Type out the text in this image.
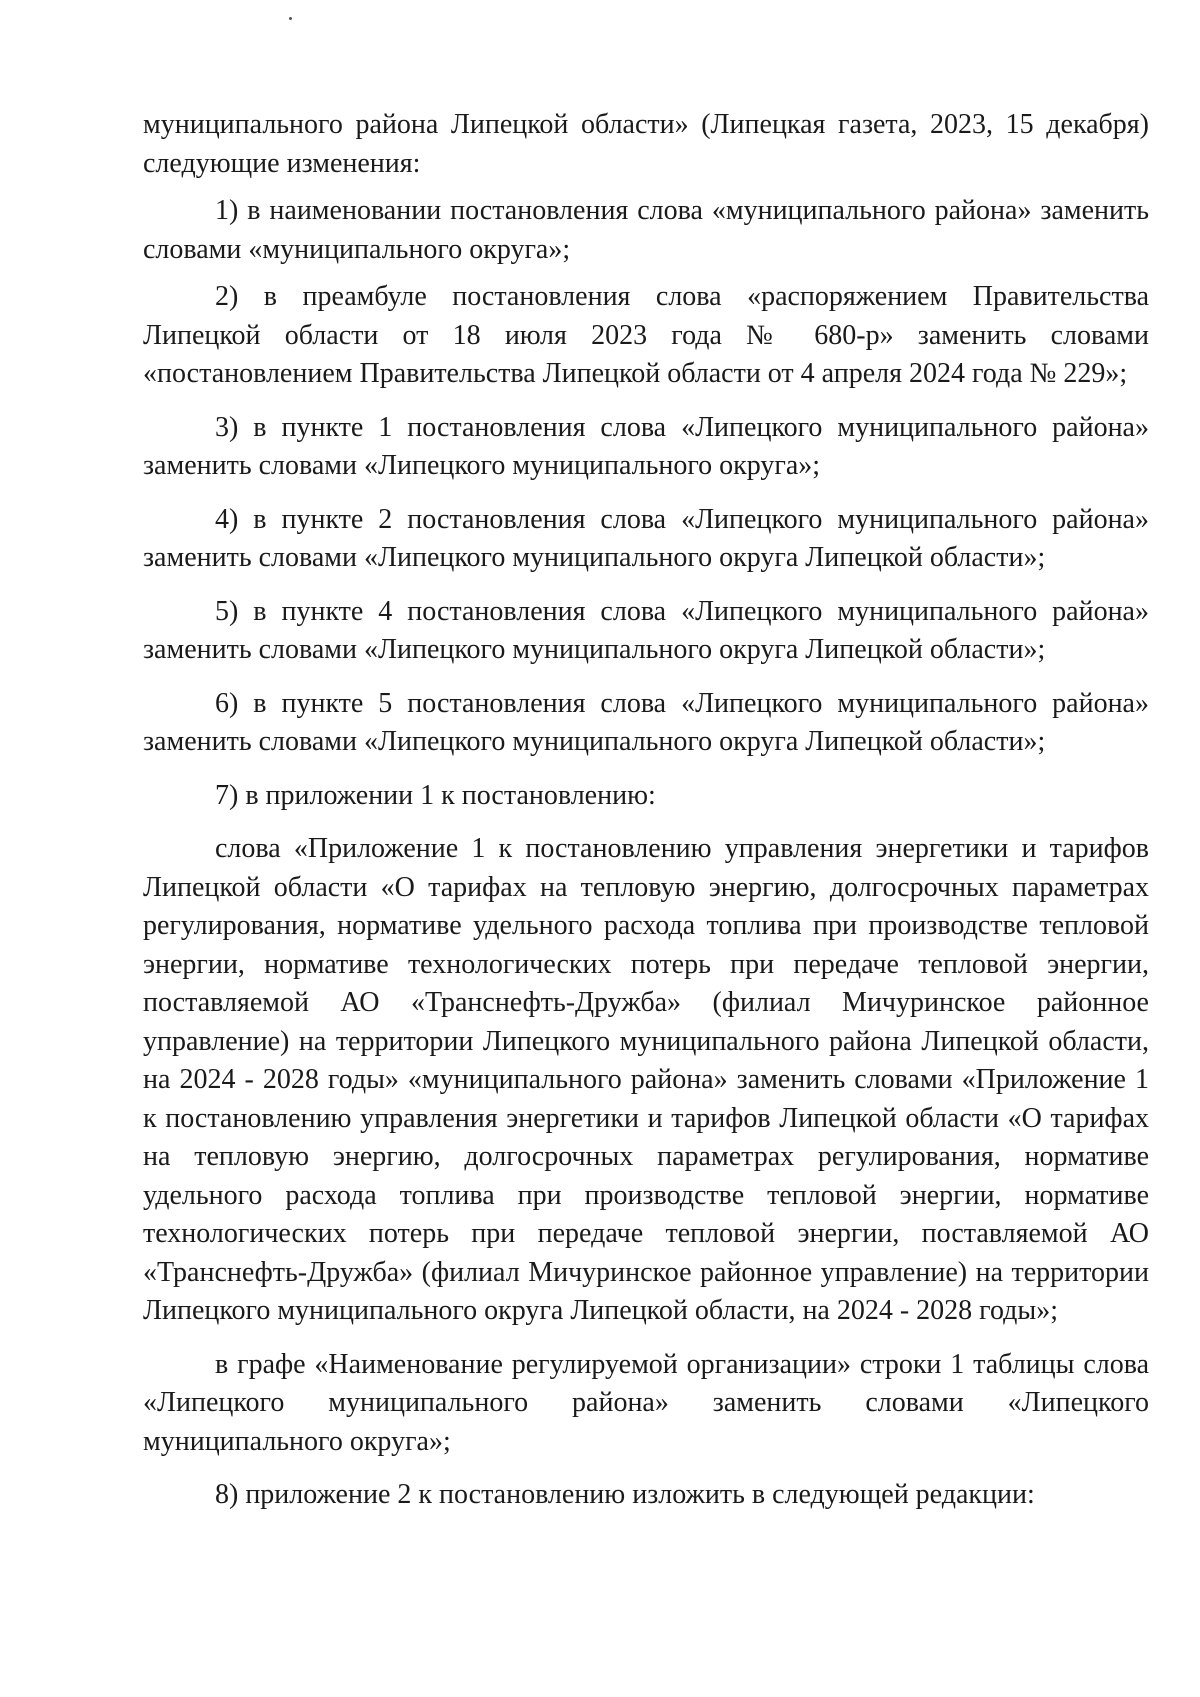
муниципального района Липецкой области» (Липецкая газета, 2023, 15 декабря) следующие изменения:

1) в наименовании постановления слова «муниципального района» заменить словами «муниципального округа»;

2) в преамбуле постановления слова «распоряжением Правительства Липецкой области от 18 июля 2023 года № 680-р» заменить словами «постановлением Правительства Липецкой области от 4 апреля 2024 года № 229»;

3) в пункте 1 постановления слова «Липецкого муниципального района» заменить словами «Липецкого муниципального округа»;

4) в пункте 2 постановления слова «Липецкого муниципального района» заменить словами «Липецкого муниципального округа Липецкой области»;

5) в пункте 4 постановления слова «Липецкого муниципального района» заменить словами «Липецкого муниципального округа Липецкой области»;

6) в пункте 5 постановления слова «Липецкого муниципального района» заменить словами «Липецкого муниципального округа Липецкой области»;

7) в приложении 1 к постановлению:

слова «Приложение 1 к постановлению управления энергетики и тарифов Липецкой области «О тарифах на тепловую энергию, долгосрочных параметрах регулирования, нормативе удельного расхода топлива при производстве тепловой энергии, нормативе технологических потерь при передаче тепловой энергии, поставляемой АО «Транснефть-Дружба» (филиал Мичуринское районное управление) на территории Липецкого муниципального района Липецкой области, на 2024 - 2028 годы» «муниципального района» заменить словами «Приложение 1 к постановлению управления энергетики и тарифов Липецкой области «О тарифах на тепловую энергию, долгосрочных параметрах регулирования, нормативе удельного расхода топлива при производстве тепловой энергии, нормативе технологических потерь при передаче тепловой энергии, поставляемой АО «Транснефть-Дружба» (филиал Мичуринское районное управление) на территории Липецкого муниципального округа Липецкой области, на 2024 - 2028 годы»;

в графе «Наименование регулируемой организации» строки 1 таблицы слова «Липецкого муниципального района» заменить словами «Липецкого муниципального округа»;

8) приложение 2 к постановлению изложить в следующей редакции:
